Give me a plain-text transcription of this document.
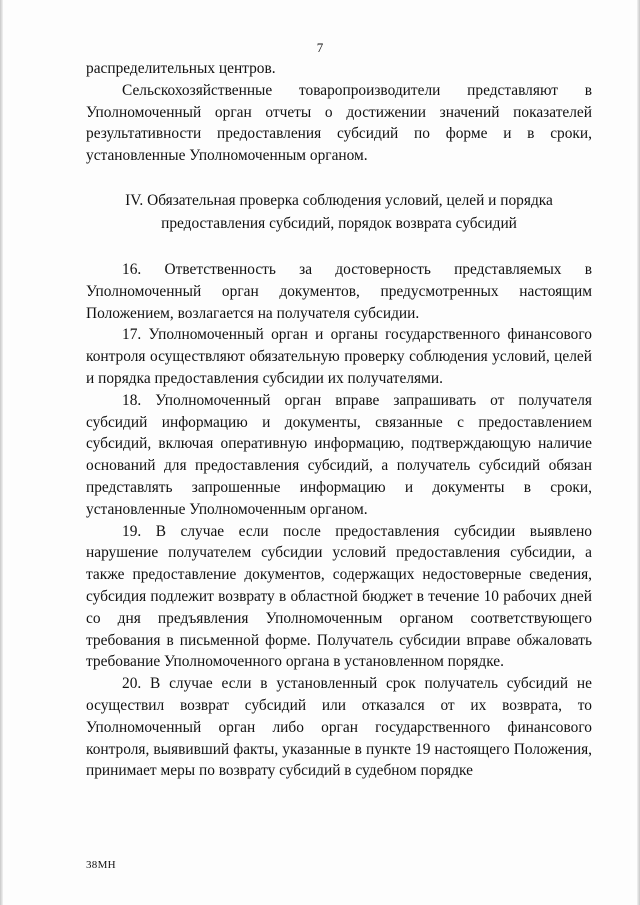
7

распределительных центров.

Сельскохозяйственные товаропроизводители представляют в Уполномоченный орган отчеты о достижении значений показателей результативности предоставления субсидий по форме и в сроки, установленные Уполномоченным органом.

IV. Обязательная проверка соблюдения условий, целей и порядка
предоставления субсидий, порядок возврата субсидий

16. Ответственность за достоверность представляемых в Уполномоченный орган документов, предусмотренных настоящим Положением, возлагается на получателя субсидии.

17. Уполномоченный орган и органы государственного финансового контроля осуществляют обязательную проверку соблюдения условий, целей и порядка предоставления субсидии их получателями.

18. Уполномоченный орган вправе запрашивать от получателя субсидий информацию и документы, связанные с предоставлением субсидий, включая оперативную информацию, подтверждающую наличие оснований для предоставления субсидий, а получатель субсидий обязан представлять запрошенные информацию и документы в сроки, установленные Уполномоченным органом.

19. В случае если после предоставления субсидии выявлено нарушение получателем субсидии условий предоставления субсидии, а также предоставление документов, содержащих недостоверные сведения, субсидия подлежит возврату в областной бюджет в течение 10 рабочих дней со дня предъявления Уполномоченным органом соответствующего требования в письменной форме. Получатель субсидии вправе обжаловать требование Уполномоченного органа в установленном порядке.

20. В случае если в установленный срок получатель субсидий не осуществил возврат субсидий или отказался от их возврата, то Уполномоченный орган либо орган государственного финансового контроля, выявивший факты, указанные в пункте 19 настоящего Положения, принимает меры по возврату субсидий в судебном порядке

38МН
